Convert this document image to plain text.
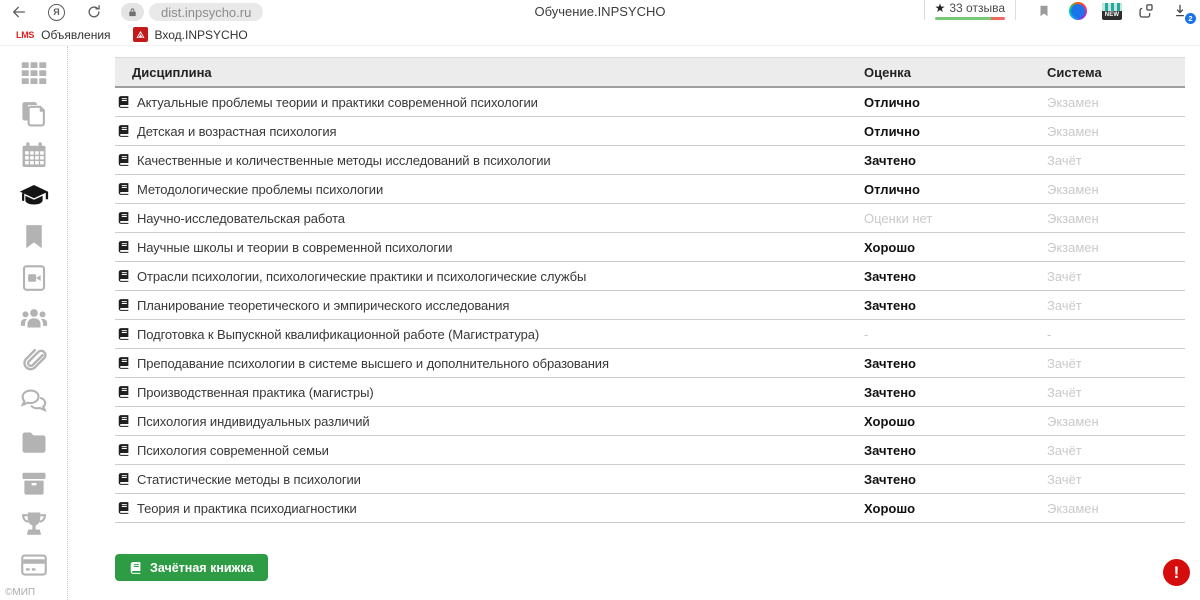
Я	dist.inpsycho.ru	Обучение.INPSYCHO	★ 33 отзыва	NEW	2
LMS Объявления	Вход.INPSYCHO
©МИП
Дисциплина	Оценка	Система
Актуальные проблемы теории и практики современной психологии	Отлично	Экзамен
Детская и возрастная психология	Отлично	Экзамен
Качественные и количественные методы исследований в психологии	Зачтено	Зачёт
Методологические проблемы психологии	Отлично	Экзамен
Научно-исследовательская работа	Оценки нет	Экзамен
Научные школы и теории в современной психологии	Хорошо	Экзамен
Отрасли психологии, психологические практики и психологические службы	Зачтено	Зачёт
Планирование теоретического и эмпирического исследования	Зачтено	Зачёт
Подготовка к Выпускной квалификационной работе (Магистратура)	-	-
Преподавание психологии в системе высшего и дополнительного образования	Зачтено	Зачёт
Производственная практика (магистры)	Зачтено	Зачёт
Психология индивидуальных различий	Хорошо	Экзамен
Психология современной семьи	Зачтено	Зачёт
Статистические методы в психологии	Зачтено	Зачёт
Теория и практика психодиагностики	Хорошо	Экзамен
Зачётная книжка	!
